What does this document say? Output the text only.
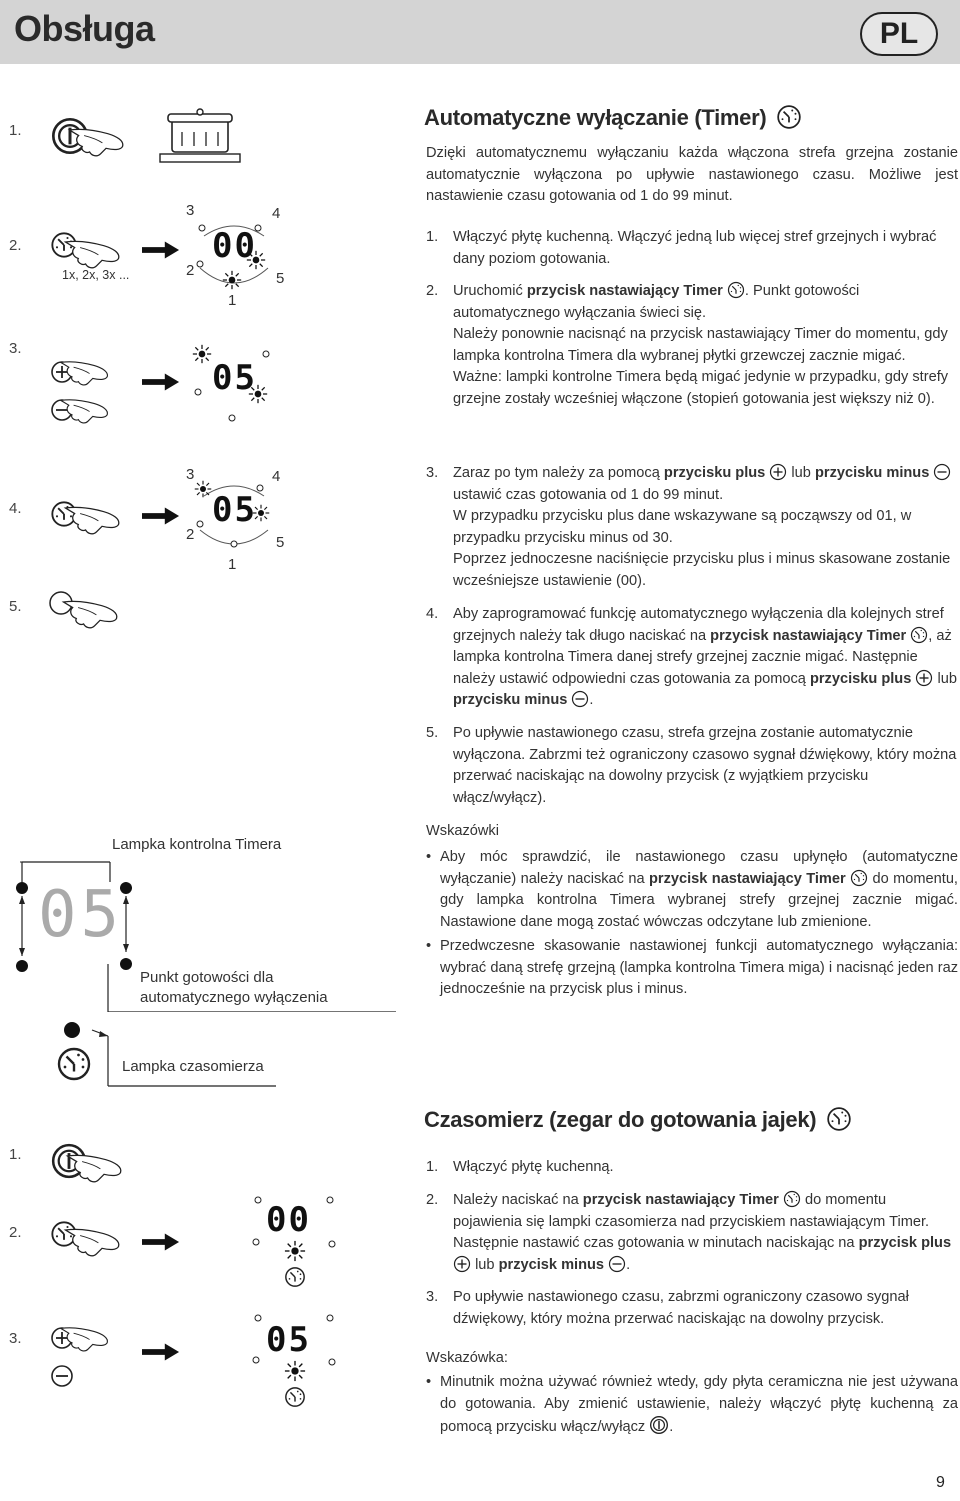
Obsługa	PL
1.
2.
3.
4.
5.
1x, 2x, 3x ...
3	4
2	5
1
00
05
3	4
2	5
1
05
Lampka kontrolna Timera
05
Punkt gotowości dla automatycznego wyłączenia
Lampka czasomierza
1.
2.
3.
00
05
Automatyczne wyłączanie (Timer)
Dzięki automatycznemu wyłączaniu każda włączona strefa grzejna zostanie automatycznie wyłączona po upływie nastawionego czasu. Możliwe jest nastawienie czasu gotowania od 1 do 99 minut.
1. Włączyć płytę kuchenną. Włączyć jedną lub więcej stref grzejnych i wybrać dany poziom gotowania.
2. Uruchomić przycisk nastawiający Timer . Punkt gotowości automatycznego wyłączania świeci się.
Należy ponownie nacisnąć na przycisk nastawiający Timer do momentu, gdy lampka kontrolna Timera dla wybranej płytki grzewczej zacznie migać.
Ważne: lampki kontrolne Timera będą migać jedynie w przypadku, gdy strefy grzejne zostały wcześniej włączone (stopień gotowania jest większy niż 0).
3. Zaraz po tym należy za pomocą przycisku plus lub przycisku minus  ustawić czas gotowania od 1 do 99 minut.
W przypadku przycisku plus dane wskazywane są począwszy od 01, w przypadku przycisku minus od 30.
Poprzez jednoczesne naciśnięcie przycisku plus i minus skasowane zostanie wcześniejsze ustawienie (00).
4. Aby zaprogramować funkcję automatycznego wyłączenia dla kolejnych stref grzejnych należy tak długo naciskać na przycisk nastawiający Timer , aż lampka kontrolna Timera danej strefy grzejnej zacznie migać. Następnie należy ustawić odpowiedni czas gotowania za pomocą przycisku plus lub przycisku minus .
5. Po upływie nastawionego czasu, strefa grzejna zostanie automatycznie wyłączona. Zabrzmi też ograniczony czasowo sygnał dźwiękowy, który można przerwać naciskając na dowolny przycisk (z wyjątkiem przycisku włącz/wyłącz).
Wskazówki
• Aby móc sprawdzić, ile nastawionego czasu upłynęło (automatyczne wyłączanie) należy naciskać na przycisk nastawiający Timer do momentu, gdy lampka kontrolna Timera wybranej strefy grzejnej zacznie migać. Nastawione dane mogą zostać wówczas odczytane lub zmienione.
• Przedwczesne skasowanie nastawionej funkcji automatycznego wyłączania: wybrać daną strefę grzejną (lampka kontrolna Timera miga) i nacisnąć jeden raz jednocześnie na przycisk plus i minus.
Czasomierz (zegar do gotowania jajek)
1. Włączyć płytę kuchenną.
2. Należy naciskać na przycisk nastawiający Timer do momentu pojawienia się lampki czasomierza nad przyciskiem nastawiającym Timer. Następnie nastawić czas gotowania w minutach naciskając na przycisk plus  lub przycisk minus .
3. Po upływie nastawionego czasu, zabrzmi ograniczony czasowo sygnał dźwiękowy, który można przerwać naciskając na dowolny przycisk.
Wskazówka:
• Minutnik można używać również wtedy, gdy płyta ceramiczna nie jest używana do gotowania. Aby zmienić ustawienie, należy włączyć płytę kuchenną za pomocą przycisku włącz/wyłącz .
9
